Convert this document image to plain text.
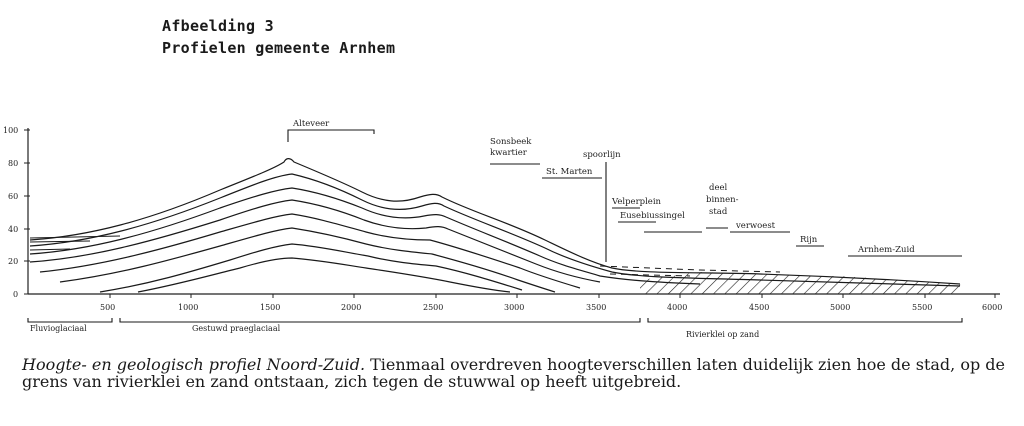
Afbeelding 3
Profielen gemeente Arnhem
100
80
60
40
20
0
500	1000	1500	2000	2500	3000	3500	4000	4500	5000	5500	6000
Alteveer
Sonsbeek
kwartier
St. Marten
spoorlijn
Velperplein
Eusebiussingel
deel
binnen-
stad
verwoest
Rijn
Arnhem-Zuid
Fluvioglaciaal	Gestuwd praeglaciaal
Rivierklei op zand
Hoogte- en geologisch profiel Noord-Zuid. Tienmaal overdreven hoogteverschillen laten duidelijk zien hoe de stad, op de grens van rivierklei en zand ontstaan, zich tegen de stuwwal op heeft uitgebreid.
